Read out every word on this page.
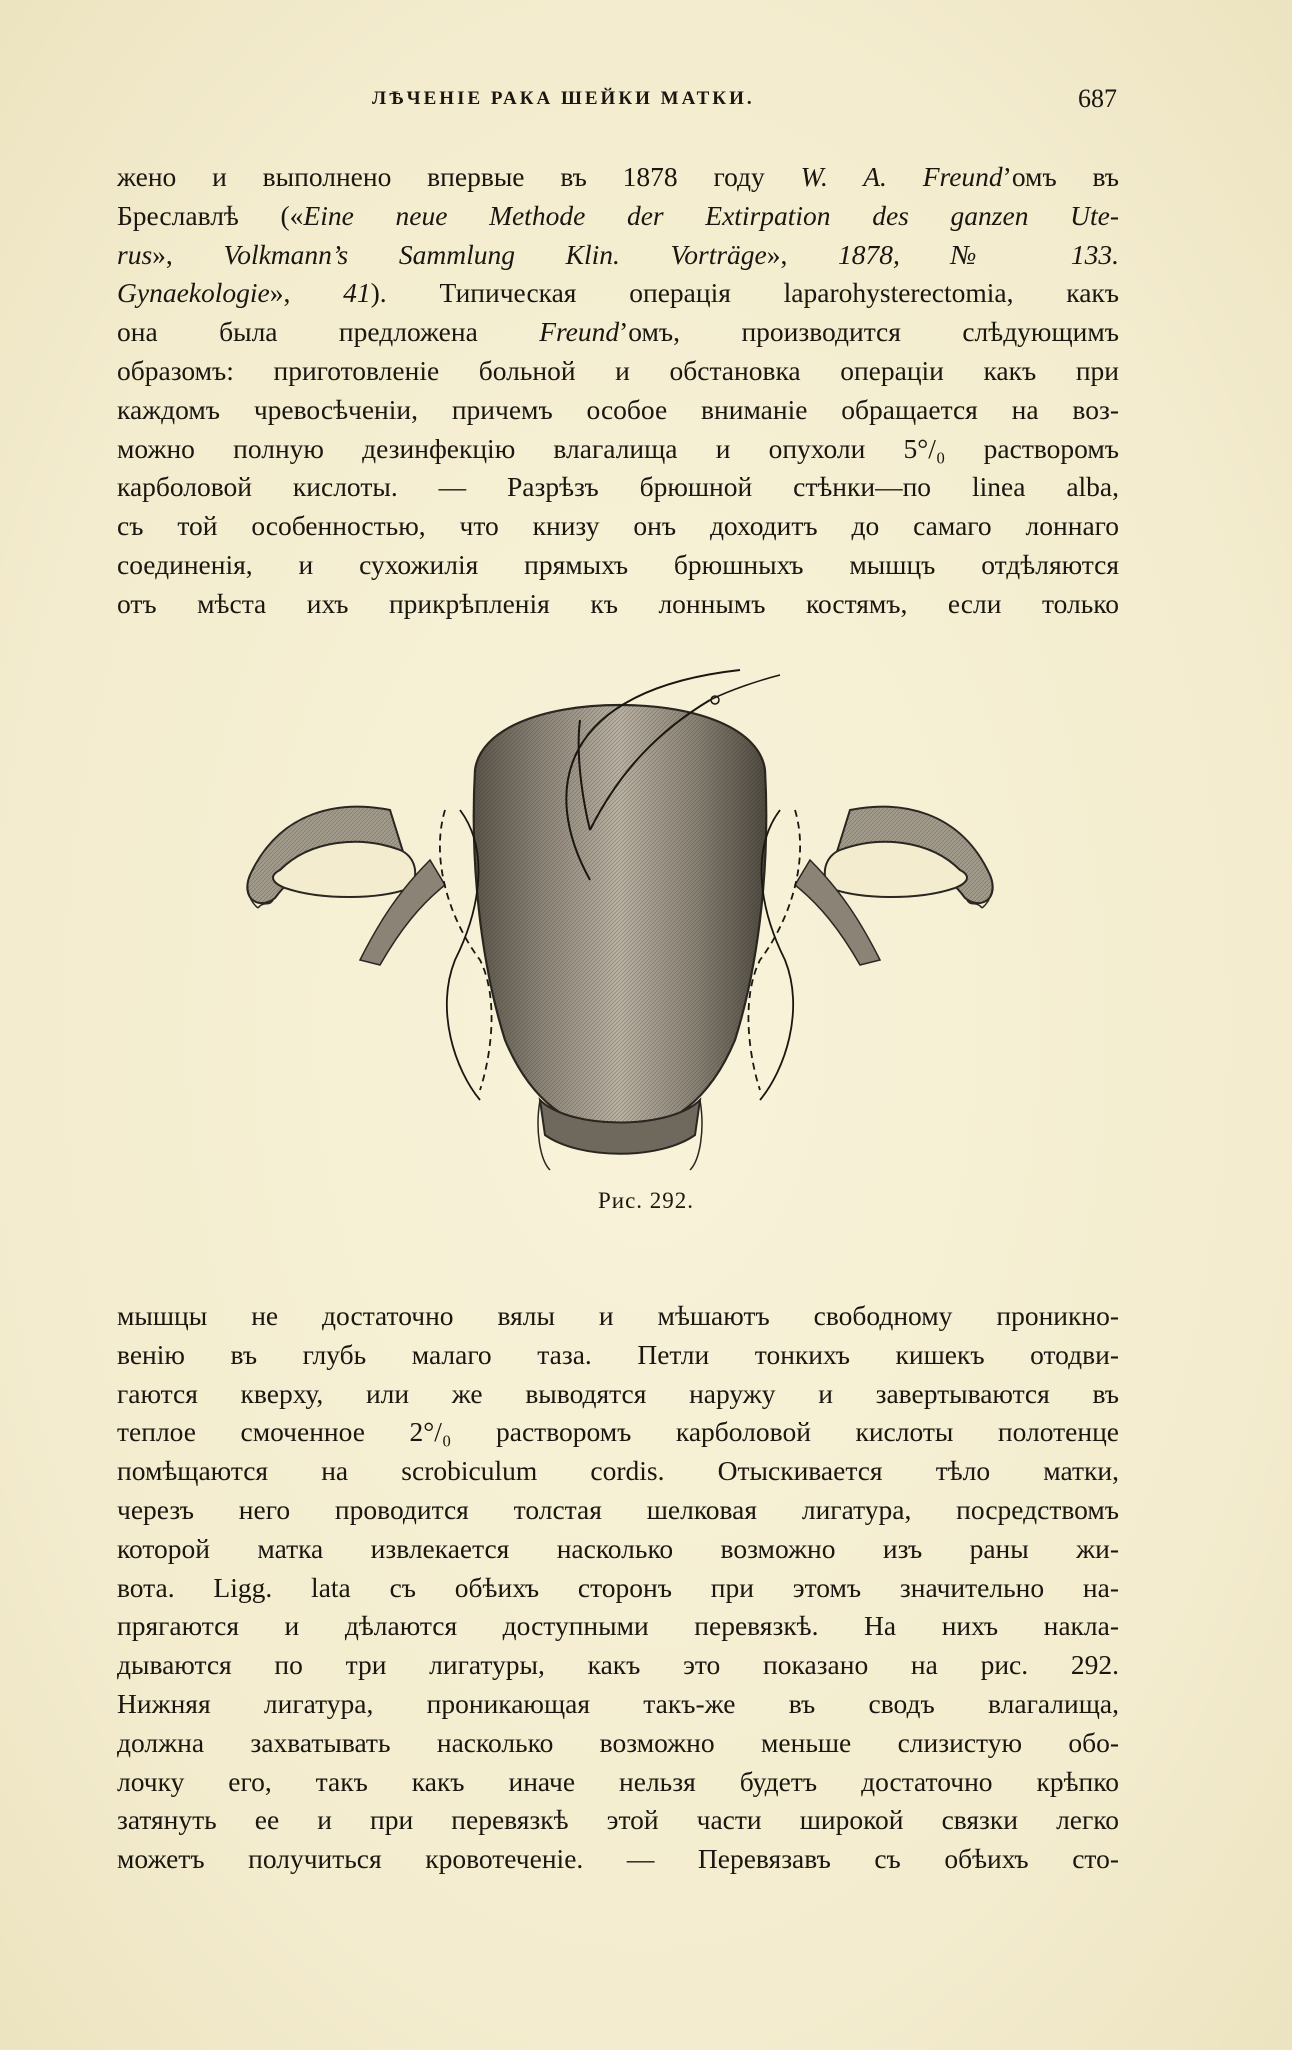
ЛѢЧЕНІЕ РАКА ШЕЙКИ МАТКИ.	687
жено и выполнено впервые въ 1878 году W. A. Freund’омъ въ
Бреславлѣ («Eine neue Methode der Extirpation des ganzen Ute-
rus», Volkmann’s Sammlung Klin. Vorträge», 1878, № 133.
Gynaekologie», 41). Типическая операція laparohysterectomia, какъ
она была предложена Freund’омъ, производится слѣдующимъ
образомъ: приготовленіе больной и обстановка операціи какъ при
каждомъ чревосѣченіи, причемъ особое вниманіе обращается на воз-
можно полную дезинфекцію влагалища и опухоли 5°/₀ растворомъ
карболовой кислоты. — Разрѣзъ брюшной стѣнки—по linea alba,
съ той особенностью, что книзу онъ доходитъ до самаго лоннаго
соединенія, и сухожилія прямыхъ брюшныхъ мышцъ отдѣляются
отъ мѣста ихъ прикрѣпленія къ лоннымъ костямъ, если только
Рис. 292.
мышцы не достаточно вялы и мѣшаютъ свободному проникно-
венію въ глубь малаго таза. Петли тонкихъ кишекъ отодви-
гаются кверху, или же выводятся наружу и завертываются въ
теплое смоченное 2°/₀ растворомъ карболовой кислоты полотенце
помѣщаются на scrobiculum cordis. Отыскивается тѣло матки,
черезъ него проводится толстая шелковая лигатура, посредствомъ
которой матка извлекается насколько возможно изъ раны жи-
вота. Ligg. lata съ обѣихъ сторонъ при этомъ значительно на-
прягаются и дѣлаются доступными перевязкѣ. На нихъ накла-
дываются по три лигатуры, какъ это показано на рис. 292.
Нижняя лигатура, проникающая такъ-же въ сводъ влагалища,
должна захватывать насколько возможно меньше слизистую обо-
лочку его, такъ какъ иначе нельзя будетъ достаточно крѣпко
затянуть ее и при перевязкѣ этой части широкой связки легко
можетъ получиться кровотеченіе. — Перевязавъ съ обѣихъ сто-
